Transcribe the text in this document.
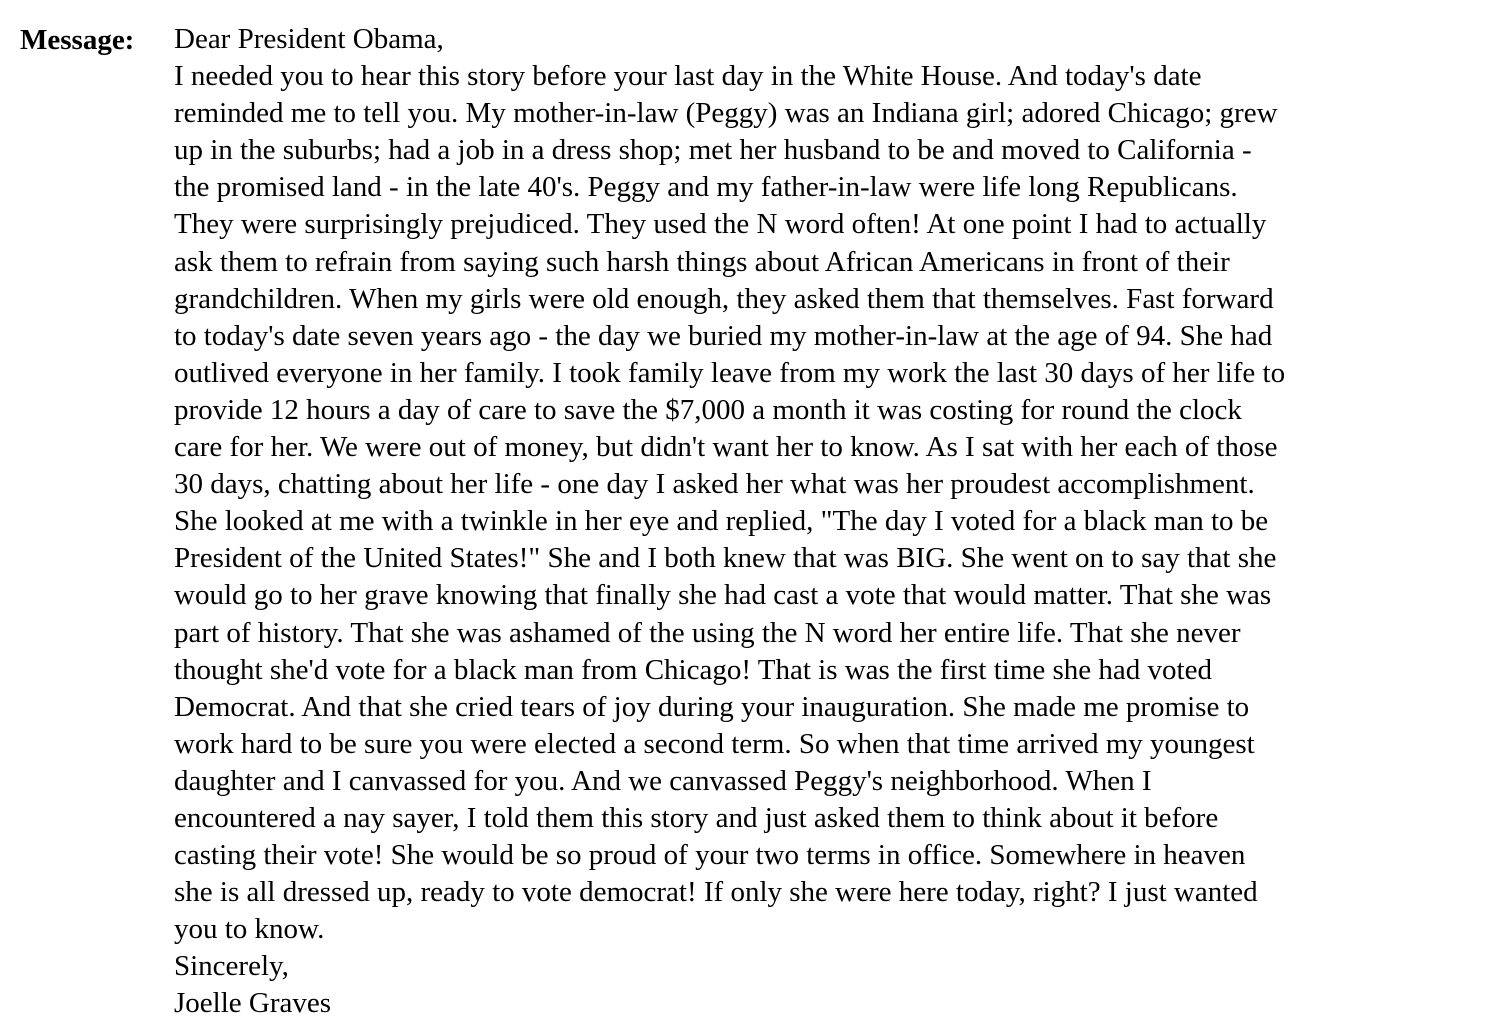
Message: Dear President Obama,
I needed you to hear this story before your last day in the White House. And today's date
reminded me to tell you. My mother-in-law (Peggy) was an Indiana girl; adored Chicago; grew
up in the suburbs; had a job in a dress shop; met her husband to be and moved to California -
the promised land - in the late 40's. Peggy and my father-in-law were life long Republicans.
They were surprisingly prejudiced. They used the N word often! At one point I had to actually
ask them to refrain from saying such harsh things about African Americans in front of their
grandchildren. When my girls were old enough, they asked them that themselves. Fast forward
to today's date seven years ago - the day we buried my mother-in-law at the age of 94. She had
outlived everyone in her family. I took family leave from my work the last 30 days of her life to
provide 12 hours a day of care to save the $7,000 a month it was costing for round the clock
care for her. We were out of money, but didn't want her to know. As I sat with her each of those
30 days, chatting about her life - one day I asked her what was her proudest accomplishment.
She looked at me with a twinkle in her eye and replied, "The day I voted for a black man to be
President of the United States!" She and I both knew that was BIG. She went on to say that she
would go to her grave knowing that finally she had cast a vote that would matter. That she was
part of history. That she was ashamed of the using the N word her entire life. That she never
thought she'd vote for a black man from Chicago! That is was the first time she had voted
Democrat. And that she cried tears of joy during your inauguration. She made me promise to
work hard to be sure you were elected a second term. So when that time arrived my youngest
daughter and I canvassed for you. And we canvassed Peggy's neighborhood. When I
encountered a nay sayer, I told them this story and just asked them to think about it before
casting their vote! She would be so proud of your two terms in office. Somewhere in heaven
she is all dressed up, ready to vote democrat! If only she were here today, right? I just wanted
you to know.
Sincerely,
Joelle Graves
